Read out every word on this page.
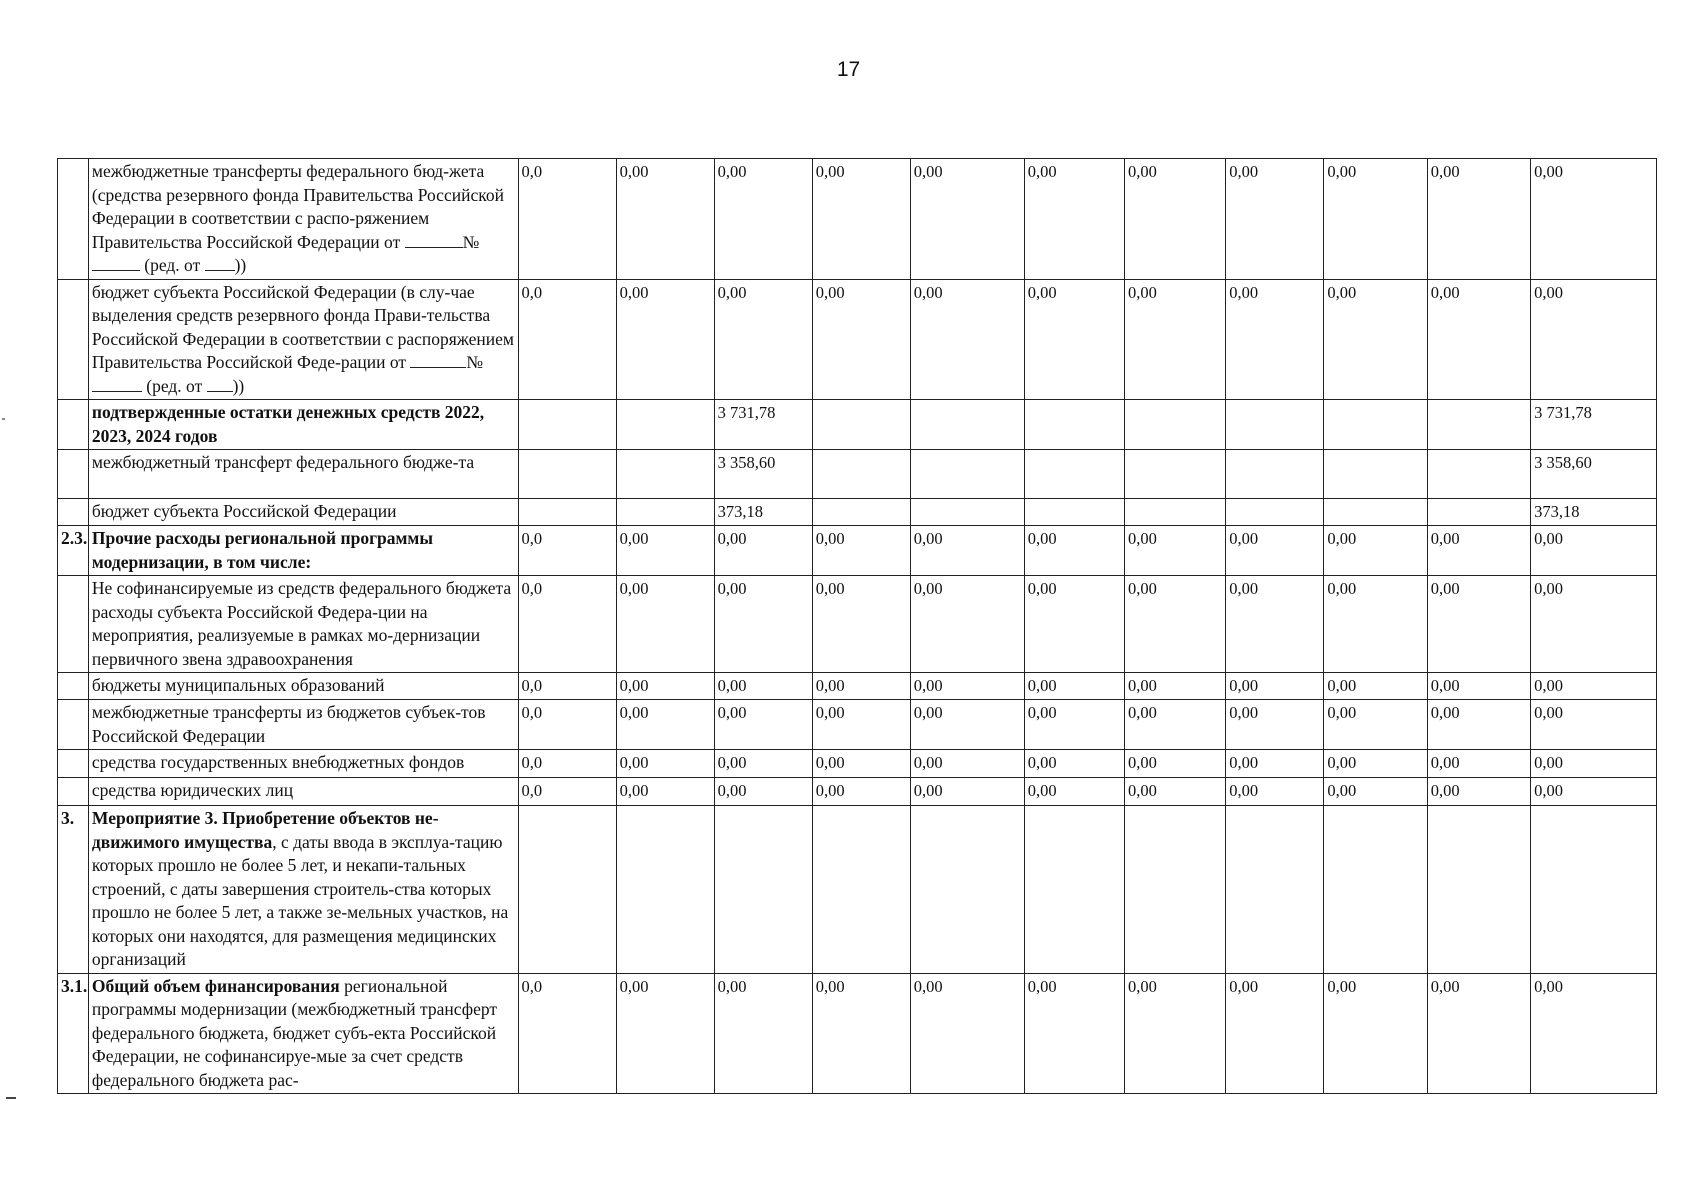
17
	межбюджетные трансферты федерального бюд-жета (средства резервного фонда Правительства Российской Федерации в соответствии с распо-ряжением Правительства Российской Федерации от № (ред. от ))	0,0	0,00	0,00	0,00	0,00	0,00	0,00	0,00	0,00	0,00	0,00
	бюджет субъекта Российской Федерации (в слу-чае выделения средств резервного фонда Прави-тельства Российской Федерации в соответствии с распоряжением Правительства Российской Феде-рации от № (ред. от ))	0,0	0,00	0,00	0,00	0,00	0,00	0,00	0,00	0,00	0,00	0,00
	подтвержденные остатки денежных средств 2022, 2023, 2024 годов			3 731,78								3 731,78
	межбюджетный трансферт федерального бюдже-та			3 358,60								3 358,60
	бюджет субъекта Российской Федерации			373,18								373,18
2.3.	Прочие расходы региональной программы модернизации, в том числе:	0,0	0,00	0,00	0,00	0,00	0,00	0,00	0,00	0,00	0,00	0,00
	Не софинансируемые из средств федерального бюджета расходы субъекта Российской Федера-ции на мероприятия, реализуемые в рамках мо-дернизации первичного звена здравоохранения	0,0	0,00	0,00	0,00	0,00	0,00	0,00	0,00	0,00	0,00	0,00
	бюджеты муниципальных образований	0,0	0,00	0,00	0,00	0,00	0,00	0,00	0,00	0,00	0,00	0,00
	межбюджетные трансферты из бюджетов субъек-тов Российской Федерации	0,0	0,00	0,00	0,00	0,00	0,00	0,00	0,00	0,00	0,00	0,00
	средства государственных внебюджетных фондов	0,0	0,00	0,00	0,00	0,00	0,00	0,00	0,00	0,00	0,00	0,00
	средства юридических лиц	0,0	0,00	0,00	0,00	0,00	0,00	0,00	0,00	0,00	0,00	0,00
3.	Мероприятие 3. Приобретение объектов не-движимого имущества, с даты ввода в эксплуа-тацию которых прошло не более 5 лет, и некапи-тальных строений, с даты завершения строитель-ства которых прошло не более 5 лет, а также зе-мельных участков, на которых они находятся, для размещения медицинских организаций											
3.1.	Общий объем финансирования региональной программы модернизации (межбюджетный трансферт федерального бюджета, бюджет субъ-екта Российской Федерации, не софинансируе-мые за счет средств федерального бюджета рас-	0,0	0,00	0,00	0,00	0,00	0,00	0,00	0,00	0,00	0,00	0,00
